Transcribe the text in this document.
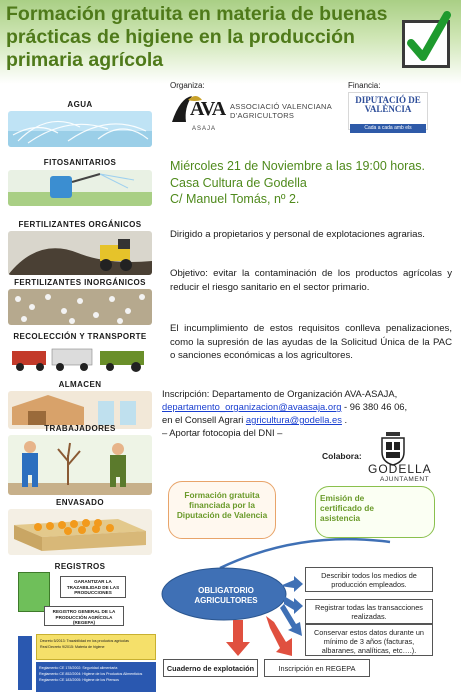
Formación gratuita en materia de buenas prácticas de higiene en la producción primaria agrícola
AGUA
FITOSANITARIOS
FERTILIZANTES ORGÁNICOS
FERTILIZANTES INORGÁNICOS
RECOLECCIÓN Y TRANSPORTE
ALMACEN
TRABAJADORES
ENVASADO
REGISTROS
GARANTIZAR LA TRAZABILIDAD DE LAS PRODUCCIONES
REGISTRO GENERAL DE LA PRODUCCIÓN AGRÍCOLA (REGEPA)
Decreto 5/2013: Trazabilidad en los productos agrícolas
Real Decreto 9/2015: Materia de higiene
Reglamento CE 178/2002: Seguridad alimentaria
Reglamento CE 852/2004: Higiene de los Productos Alimenticios
Reglamento CE 183/2005: Higiene de los Piensos
Organiza:
AVA ASSOCIACIÓ VALENCIANA D'AGRICULTORS
ASAJA
Financia:
DIPUTACIÓ DE VALÈNCIA
Cada a cada amb els Ajuntaments
Miércoles 21 de Noviembre a las 19:00 horas.
Casa Cultura de Godella
C/ Manuel Tomás, nº 2.
Dirigido a propietarios y personal de explotaciones agrarias.
Objetivo: evitar la contaminación de los productos agrícolas y reducir el riesgo sanitario en el sector primario.
El incumplimiento de estos requisitos conlleva penalizaciones, como la supresión de las ayudas de la Solicitud Única de la PAC o sanciones económicas a los agricultores.
Inscripción: Departamento de Organización AVA-ASAJA,
departamento_organizacion@avaasaja.org - 96 380 46 06,
en el Consell Agrari agricultura@godella.es .
– Aportar fotocopia del DNI –
Colabora:
GODELLA
AJUNTAMENT
Formación gratuita financiada por la Diputación de Valencia
Emisión de certificado de asistencia
OBLIGATORIO AGRICULTORES
Describir todos los medios de producción empleados.
Registrar todas las transacciones realizadas.
Conservar estos datos durante un mínimo de 3 años (facturas, albaranes, analíticas, etc….).
Cuaderno de explotación	Inscripción en REGEPA
